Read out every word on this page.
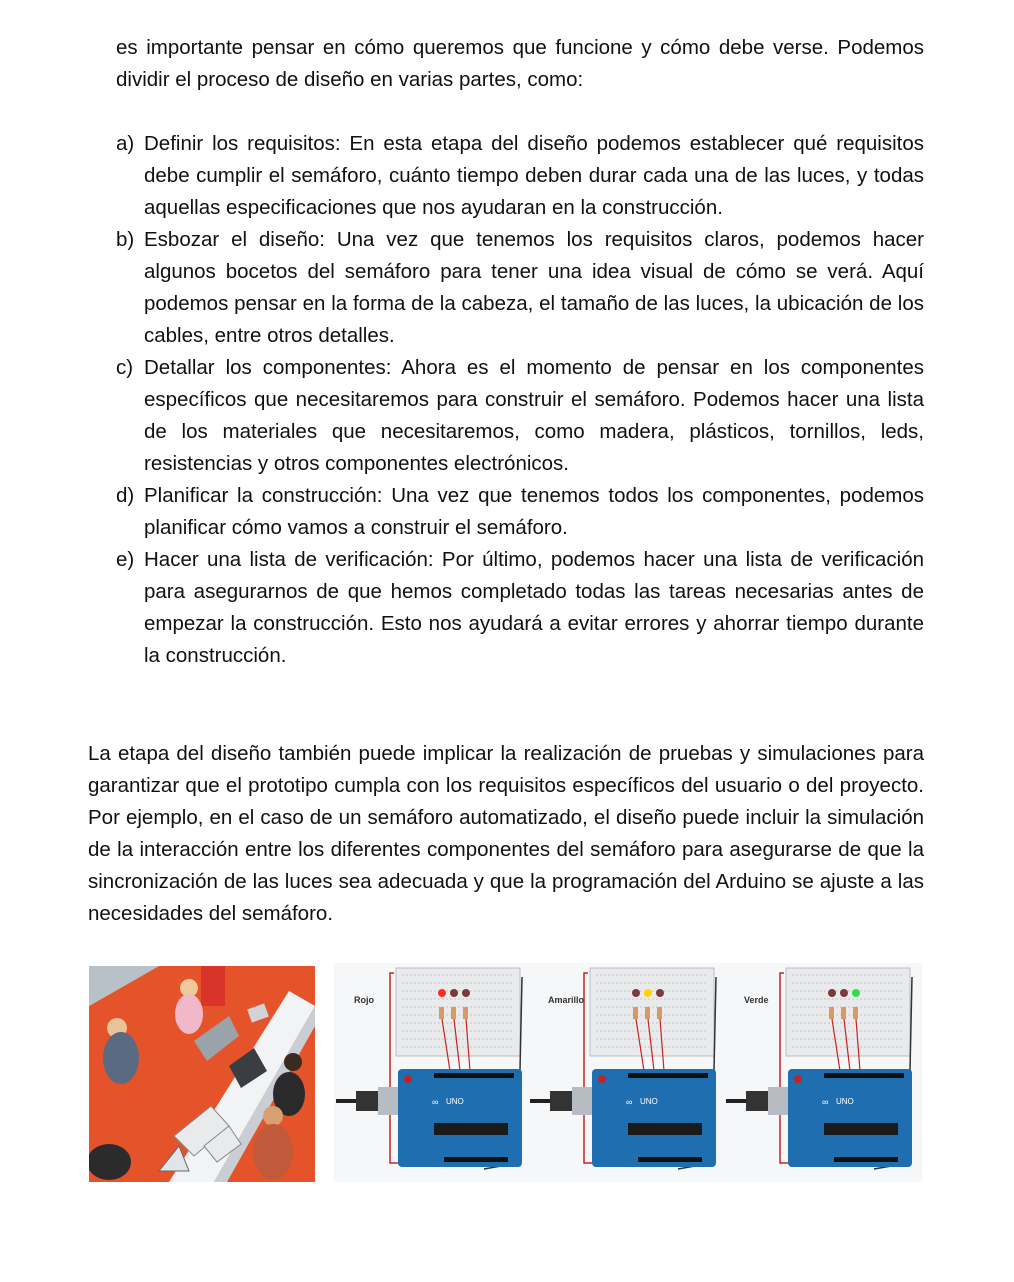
es importante pensar en cómo queremos que funcione y cómo debe verse. Podemos dividir el proceso de diseño en varias partes, como:
a) Definir los requisitos: En esta etapa del diseño podemos establecer qué requisitos debe cumplir el semáforo, cuánto tiempo deben durar cada una de las luces, y todas aquellas especificaciones que nos ayudaran en la construcción.
b) Esbozar el diseño: Una vez que tenemos los requisitos claros, podemos hacer algunos bocetos del semáforo para tener una idea visual de cómo se verá. Aquí podemos pensar en la forma de la cabeza, el tamaño de las luces, la ubicación de los cables, entre otros detalles.
c) Detallar los componentes: Ahora es el momento de pensar en los componentes específicos que necesitaremos para construir el semáforo. Podemos hacer una lista de los materiales que necesitaremos, como madera, plásticos, tornillos, leds, resistencias y otros componentes electrónicos.
d) Planificar la construcción: Una vez que tenemos todos los componentes, podemos planificar cómo vamos a construir el semáforo.
e) Hacer una lista de verificación: Por último, podemos hacer una lista de verificación para asegurarnos de que hemos completado todas las tareas necesarias antes de empezar la construcción. Esto nos ayudará a evitar errores y ahorrar tiempo durante la construcción.
La etapa del diseño también puede implicar la realización de pruebas y simulaciones para garantizar que el prototipo cumpla con los requisitos específicos del usuario o del proyecto. Por ejemplo, en el caso de un semáforo automatizado, el diseño puede incluir la simulación de la interacción entre los diferentes componentes del semáforo para asegurarse de que la sincronización de las luces sea adecuada y que la programación del Arduino se ajuste a las necesidades del semáforo.
Rojo
∞ UNO
Amarillo
∞ UNO
Verde
∞ UNO
